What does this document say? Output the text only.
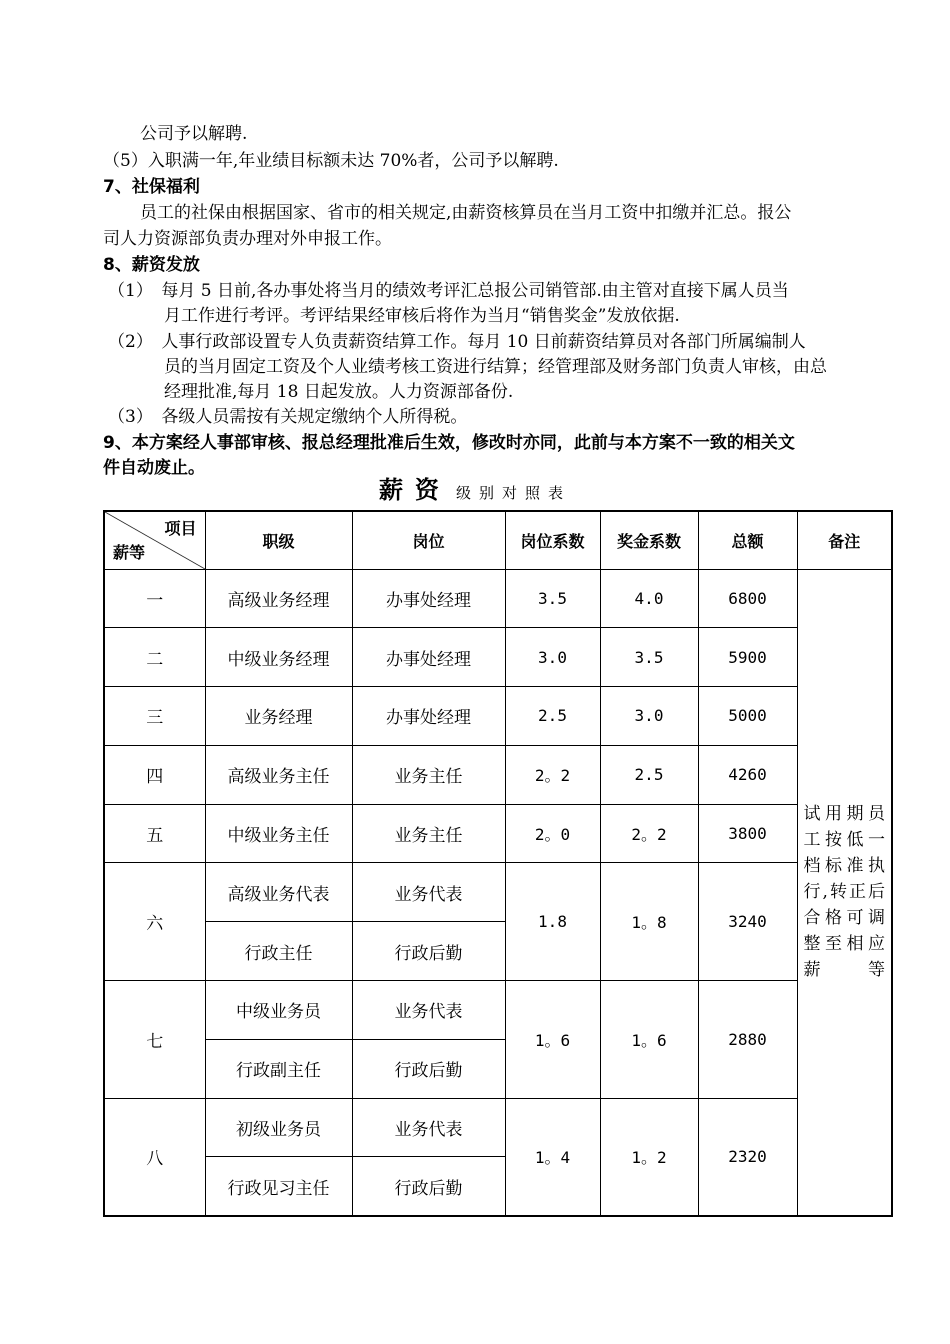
公司予以解聘.
（5）入职满一年,年业绩目标额未达 70%者，公司予以解聘.
7、社保福利
员工的社保由根据国家、省市的相关规定,由薪资核算员在当月工资中扣缴并汇总。报公
司人力资源部负责办理对外申报工作。
8、薪资发放
（1）　每月 5 日前,各办事处将当月的绩效考评汇总报公司销管部.由主管对直接下属人员当
月工作进行考评。考评结果经审核后将作为当月“销售奖金”发放依据.
（2）　人事行政部设置专人负责薪资结算工作。每月 10 日前薪资结算员对各部门所属编制人
员的当月固定工资及个人业绩考核工资进行结算；经管理部及财务部门负责人审核，由总
经理批准,每月 18 日起发放。人力资源部备份.
（3）　各级人员需按有关规定缴纳个人所得税。
9、本方案经人事部审核、报总经理批准后生效，修改时亦同，此前与本方案不一致的相关文
件自动废止。
薪资 级别对照表
项目
薪等	职级	岗位	岗位系数	奖金系数	总额	备注
一	高级业务经理	办事处经理	3.5	4.0	6800	试用期员工按低一档标准执行,转正后合格可调整至相应薪等
二	中级业务经理	办事处经理	3.0	3.5	5900	
三	业务经理	办事处经理	2.5	3.0	5000	
四	高级业务主任	业务主任	2。2	2.5	4260	
五	中级业务主任	业务主任	2。0	2。2	3800	
六	高级业务代表	业务代表	1.8	1。8	3240	
	行政主任	行政后勤				
七	中级业务员	业务代表	1。6	1。6	2880	
	行政副主任	行政后勤				
八	初级业务员	业务代表	1。4	1。2	2320	
	行政见习主任	行政后勤				
